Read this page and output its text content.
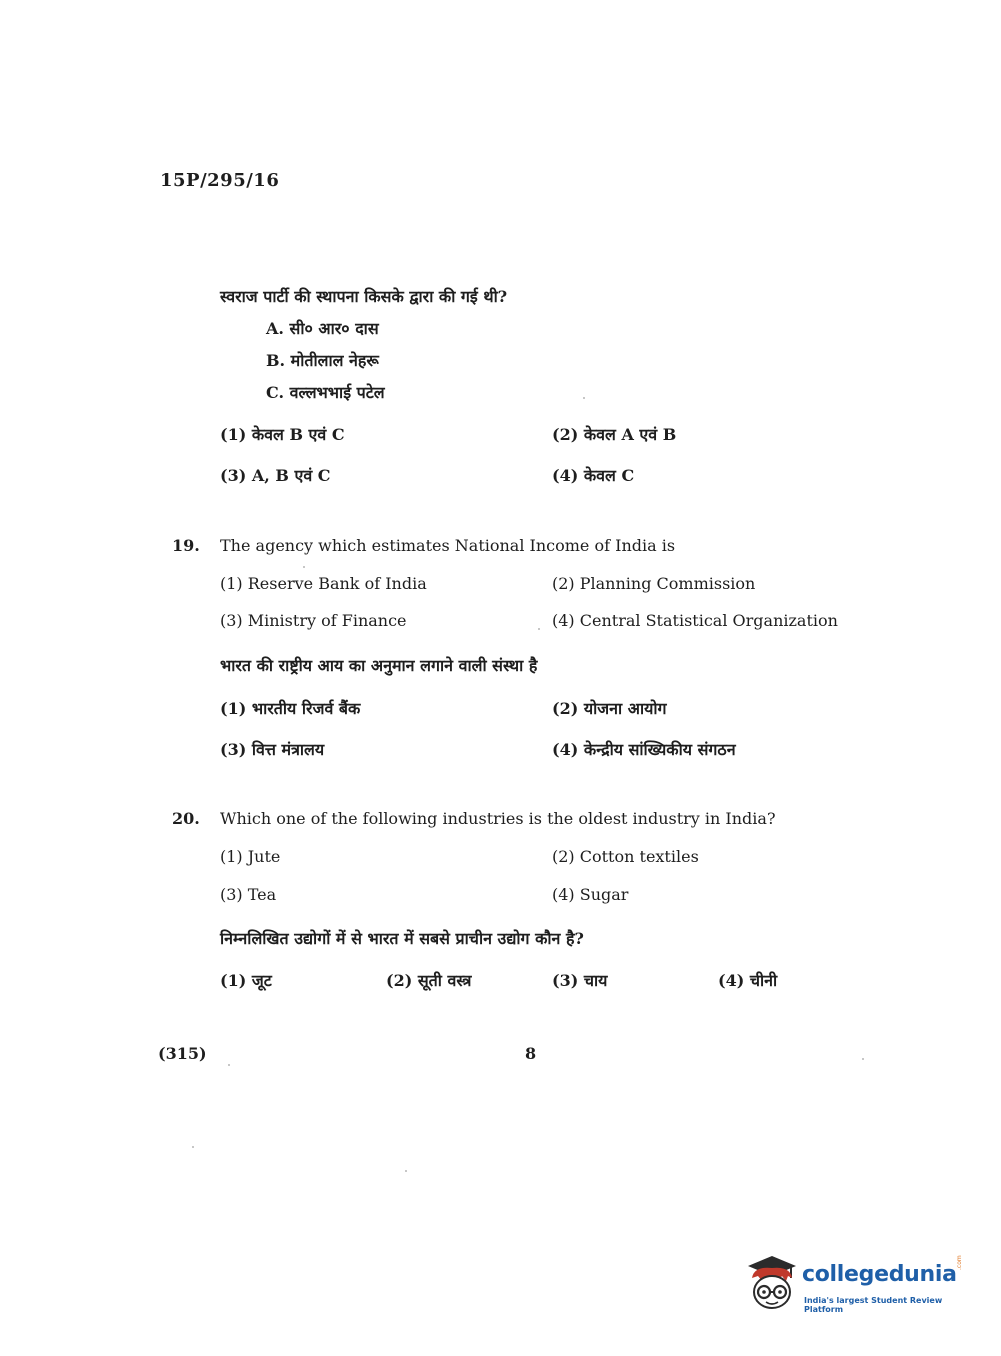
15P/295/16
स्वराज पार्टी की स्थापना किसके द्वारा की गई थी?
A. सी० आर० दास
B. मोतीलाल नेहरू
C. वल्लभभाई पटेल
(1) केवल B एवं C	(2) केवल A एवं B
(3) A, B एवं C	(4) केवल C
19. The agency which estimates National Income of India is
(1) Reserve Bank of India	(2) Planning Commission
(3) Ministry of Finance	(4) Central Statistical Organization
भारत की राष्ट्रीय आय का अनुमान लगाने वाली संस्था है
(1) भारतीय रिजर्व बैंक	(2) योजना आयोग
(3) वित्त मंत्रालय	(4) केन्द्रीय सांख्यिकीय संगठन
20. Which one of the following industries is the oldest industry in India?
(1) Jute	(2) Cotton textiles
(3) Tea	(4) Sugar
निम्नलिखित उद्योगों में से भारत में सबसे प्राचीन उद्योग कौन है?
(1) जूट	(2) सूती वस्त्र	(3) चाय	(4) चीनी
(315)	8
collegedunia .com
India's largest Student Review Platform
